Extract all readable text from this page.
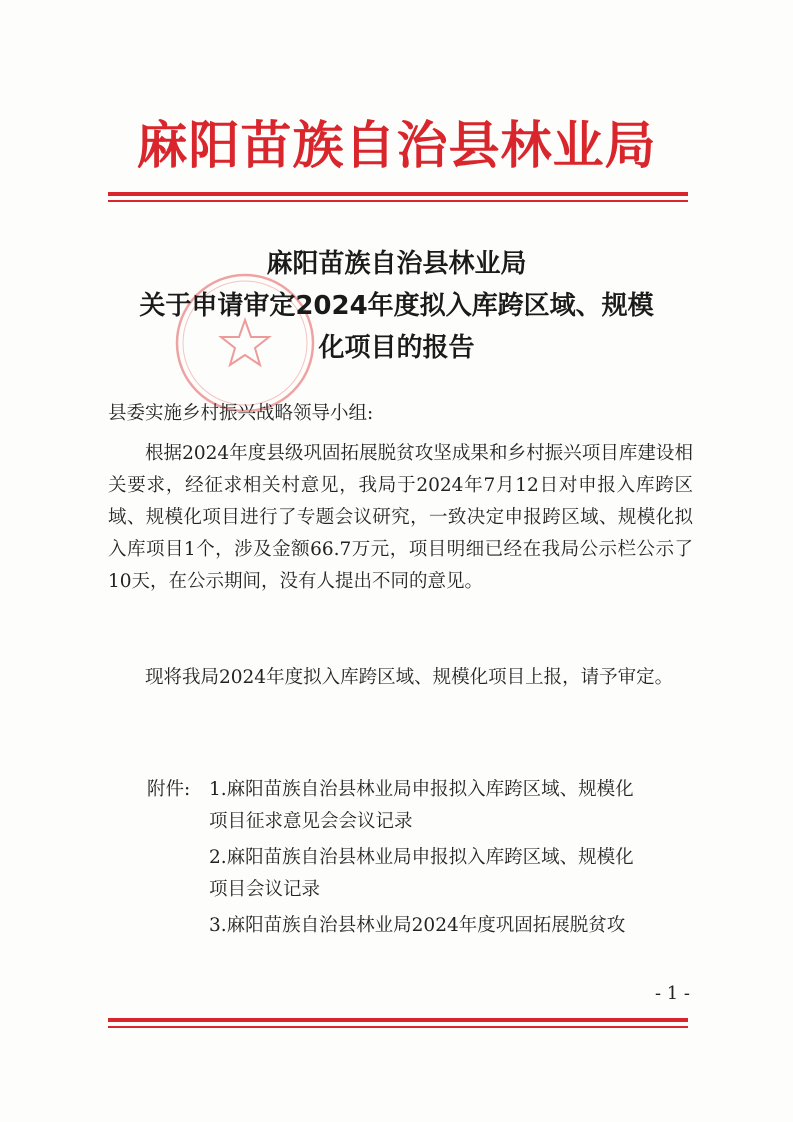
麻阳苗族自治县林业局
麻阳苗族自治县林业局
关于申请审定2024年度拟入库跨区域、规模
化项目的报告
县委实施乡村振兴战略领导小组:
根据2024年度县级巩固拓展脱贫攻坚成果和乡村振兴项目库建设相关要求，经征求相关村意见，我局于2024年7月12日对申报入库跨区域、规模化项目进行了专题会议研究，一致决定申报跨区域、规模化拟入库项目1个，涉及金额66.7万元，项目明细已经在我局公示栏公示了10天，在公示期间，没有人提出不同的意见。
现将我局2024年度拟入库跨区域、规模化项目上报，请予审定。
附件:	1.麻阳苗族自治县林业局申报拟入库跨区域、规模化
项目征求意见会会议记录
2.麻阳苗族自治县林业局申报拟入库跨区域、规模化
项目会议记录
3.麻阳苗族自治县林业局2024年度巩固拓展脱贫攻
- 1 -
